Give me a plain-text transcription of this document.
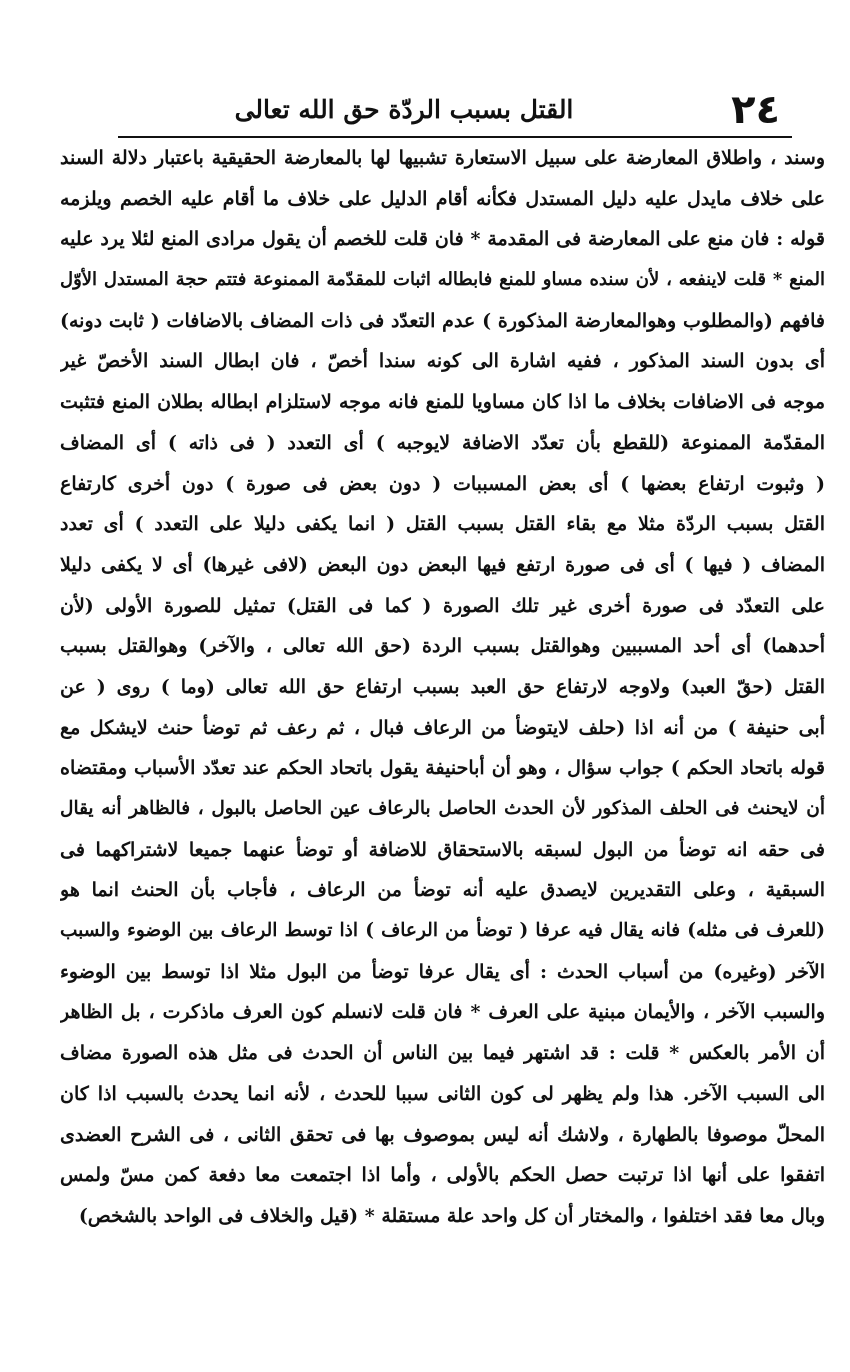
٢٤
القتل بسبب الردّة حق الله تعالى
وسند ، واطلاق المعارضة على سبيل الاستعارة تشبيها لها بالمعارضة الحقيقية باعتبار دلالة السند
على خلاف مايدل عليه دليل المستدل فكأنه أقام الدليل على خلاف ما أقام عليه الخصم ويلزمه
قوله : فان منع على المعارضة فى المقدمة * فان قلت للخصم أن يقول مرادى المنع لئلا يرد عليه
المنع * قلت لاينفعه ، لأن سنده مساو للمنع فابطاله اثبات للمقدّمة الممنوعة فتتم حجة المستدل الأوّل
فافهم (والمطلوب وهوالمعارضة المذكورة ) عدم التعدّد فى ذات المضاف بالاضافات ( ثابت دونه)
أى بدون السند المذكور ، ففيه اشارة الى كونه سندا أخصّ ، فان ابطال السند الأخصّ غير
موجه فى الاضافات بخلاف ما اذا كان مساويا للمنع فانه موجه لاستلزام ابطاله بطلان المنع فتثبت
المقدّمة الممنوعة (للقطع بأن تعدّد الاضافة لايوجبه ) أى التعدد ( فى ذاته ) أى المضاف
( وثبوت ارتفاع بعضها ) أى بعض المسببات ( دون بعض فى صورة ) دون أخرى كارتفاع
القتل بسبب الردّة مثلا مع بقاء القتل بسبب القتل ( انما يكفى دليلا على التعدد ) أى تعدد
المضاف ( فيها ) أى فى صورة ارتفع فيها البعض دون البعض (لافى غيرها) أى لا يكفى دليلا
على التعدّد فى صورة أخرى غير تلك الصورة ( كما فى القتل) تمثيل للصورة الأولى (لأن
أحدهما) أى أحد المسببين وهوالقتل بسبب الردة (حق الله تعالى ، والآخر) وهوالقتل بسبب
القتل (حقّ العبد) ولاوجه لارتفاع حق العبد بسبب ارتفاع حق الله تعالى (وما ) روى ( عن
أبى حنيفة ) من أنه اذا (حلف لايتوضأ من الرعاف فبال ، ثم رعف ثم توضأ حنث لايشكل مع
قوله باتحاد الحكم ) جواب سؤال ، وهو أن أباحنيفة يقول باتحاد الحكم عند تعدّد الأسباب ومقتضاه
أن لايحنث فى الحلف المذكور لأن الحدث الحاصل بالرعاف عين الحاصل بالبول ، فالظاهر أنه يقال
فى حقه انه توضأ من البول لسبقه بالاستحقاق للاضافة أو توضأ عنهما جميعا لاشتراكهما فى
السبقية ، وعلى التقديرين لايصدق عليه أنه توضأ من الرعاف ، فأجاب بأن الحنث انما هو
(للعرف فى مثله) فانه يقال فيه عرفا ( توضأ من الرعاف ) اذا توسط الرعاف بين الوضوء والسبب
الآخر (وغيره) من أسباب الحدث : أى يقال عرفا توضأ من البول مثلا اذا توسط بين الوضوء
والسبب الآخر ، والأيمان مبنية على العرف * فان قلت لانسلم كون العرف ماذكرت ، بل الظاهر
أن الأمر بالعكس * قلت : قد اشتهر فيما بين الناس أن الحدث فى مثل هذه الصورة مضاف
الى السبب الآخر. هذا ولم يظهر لى كون الثانى سببا للحدث ، لأنه انما يحدث بالسبب اذا كان
المحلّ موصوفا بالطهارة ، ولاشك أنه ليس بموصوف بها فى تحقق الثانى ، فى الشرح العضدى
اتفقوا على أنها اذا ترتبت حصل الحكم بالأولى ، وأما اذا اجتمعت معا دفعة كمن مسّ ولمس
وبال معا فقد اختلفوا ، والمختار أن كل واحد علة مستقلة * (قيل والخلاف فى الواحد بالشخص)
